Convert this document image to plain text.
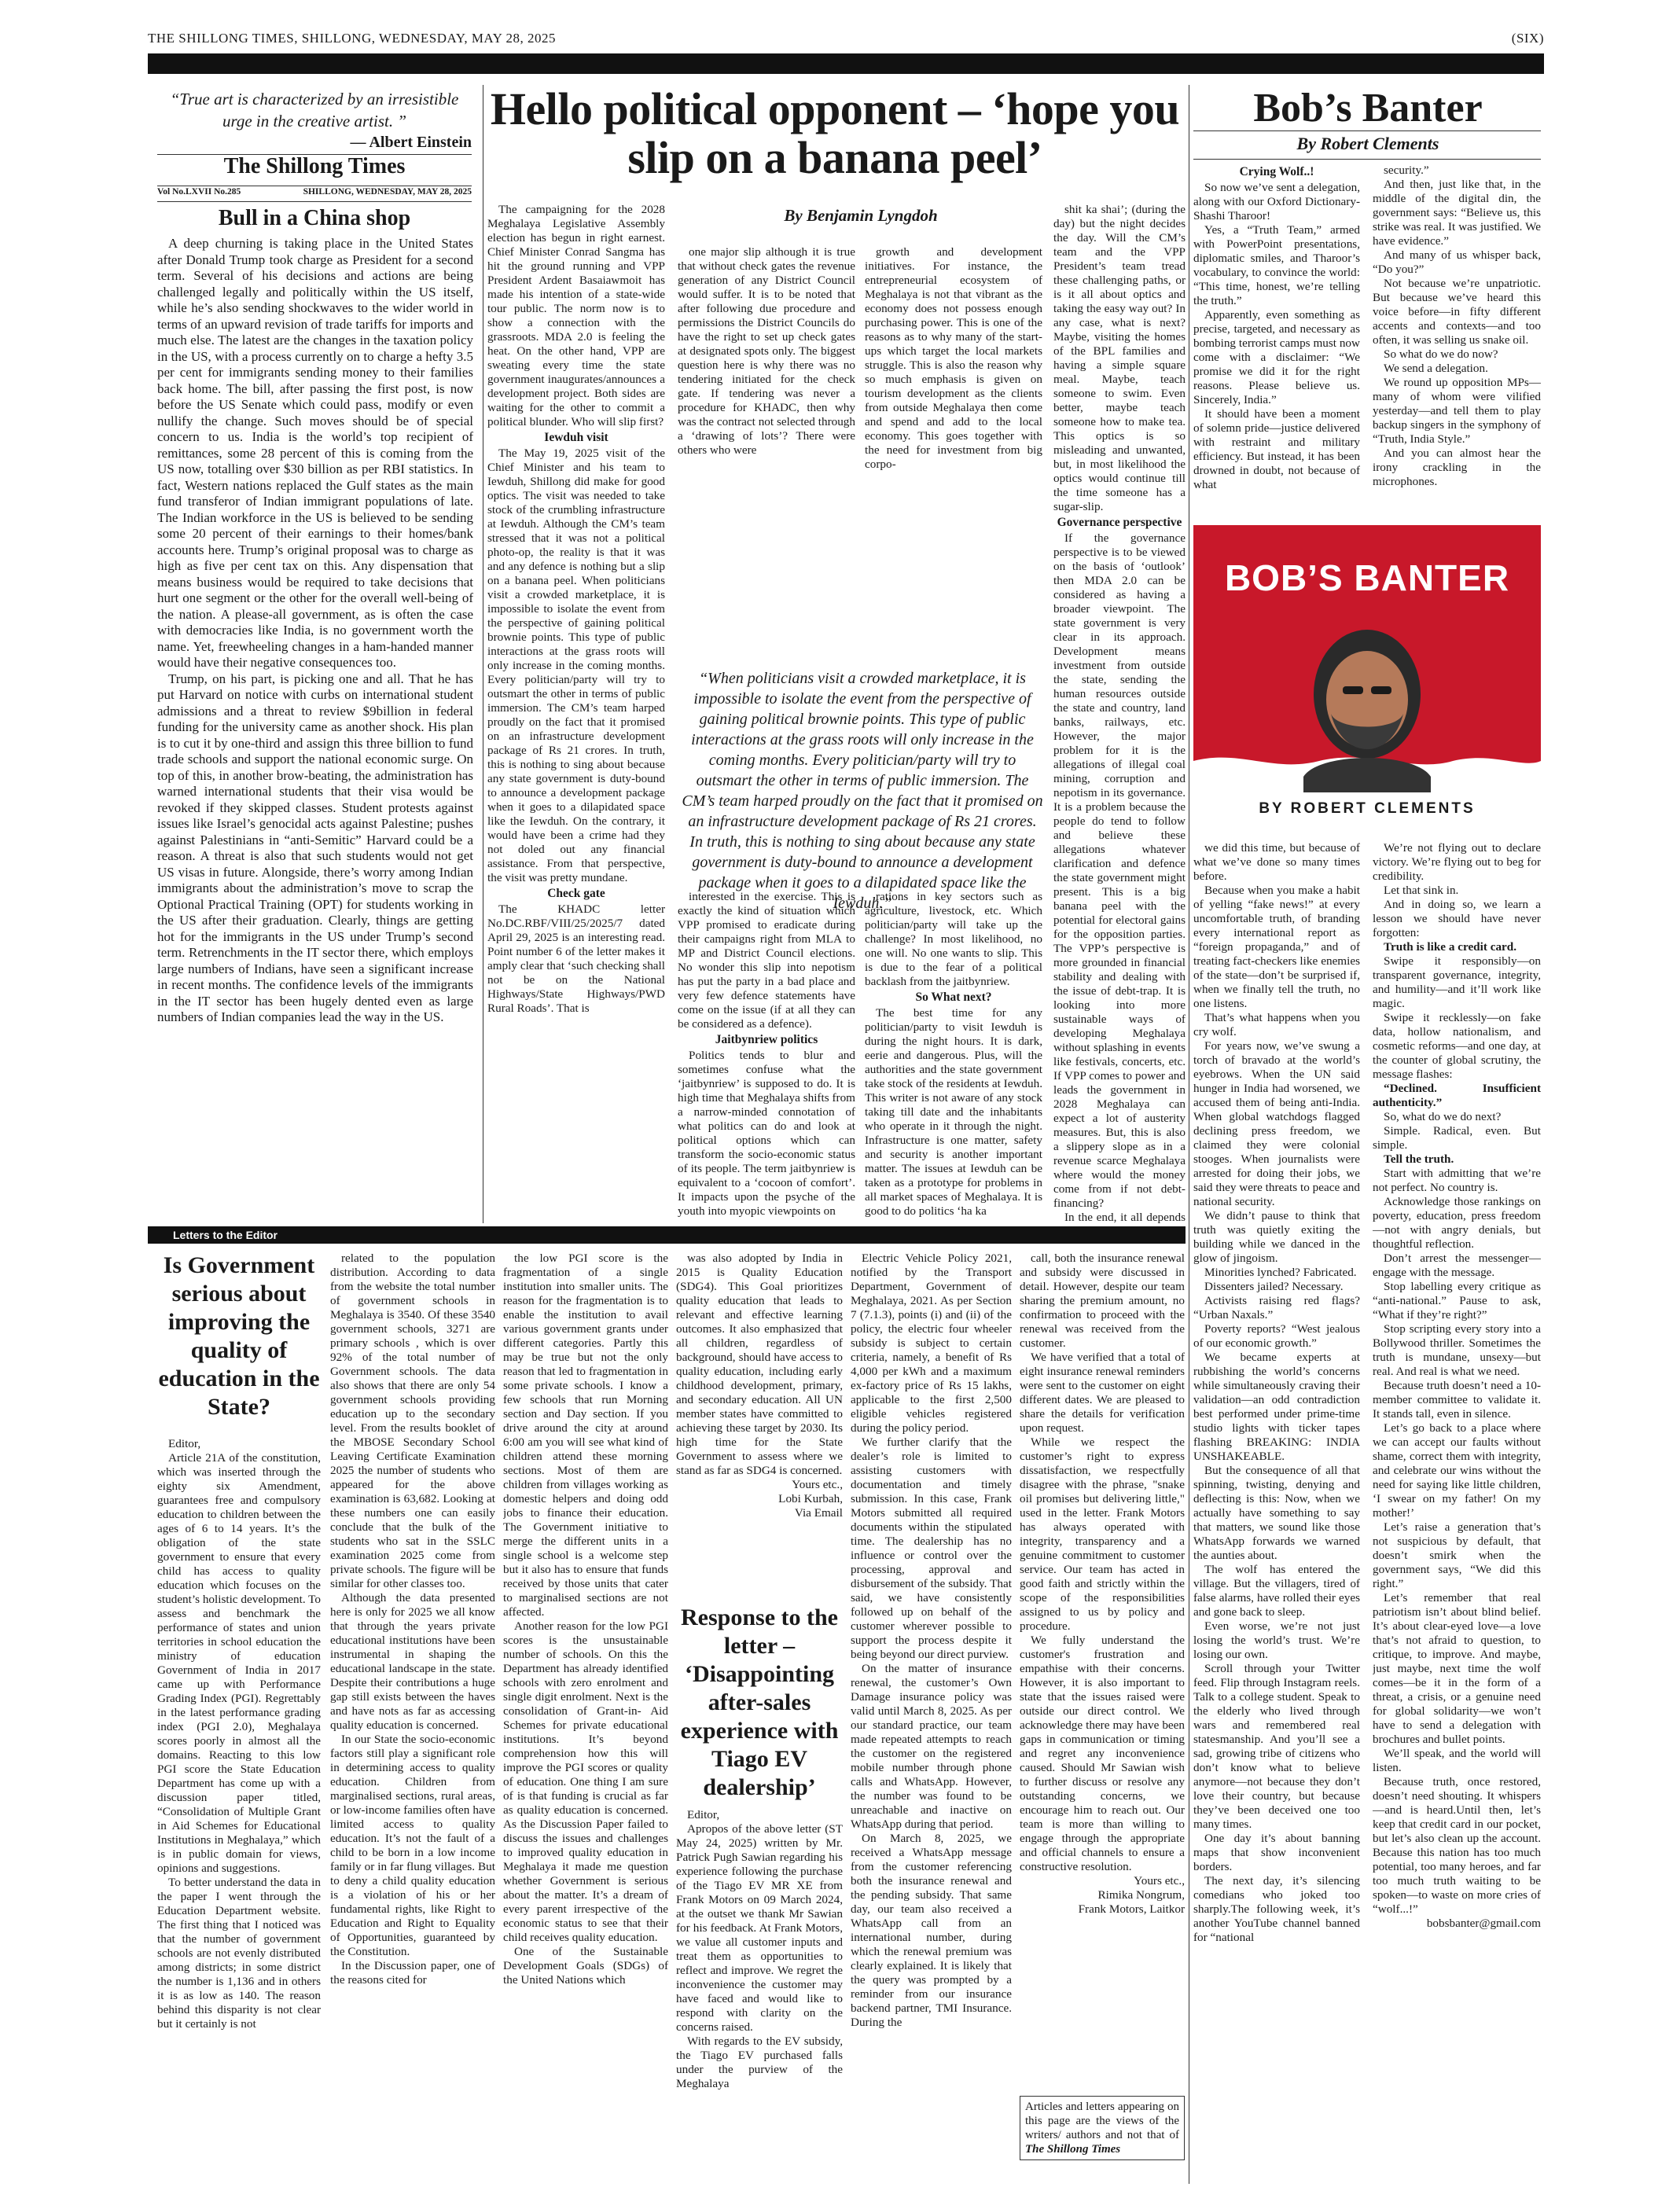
THE SHILLONG TIMES, SHILLONG, WEDNESDAY, MAY 28, 2025	(SIX)
“True art is characterized by an irresistible urge in the creative artist. ”
— Albert Einstein
The Shillong Times
Vol No.LXVII No.285	SHILLONG, WEDNESDAY, MAY 28, 2025
Bull in a China shop

A deep churning is taking place in the United States after Donald Trump took charge as President for a second term. Several of his decisions and actions are being challenged legally and politically within the US itself, while he’s also sending shockwaves to the wider world in terms of an upward revision of trade tariffs for imports and much else. The latest are the changes in the taxation policy in the US, with a process currently on to charge a hefty 3.5 per cent for immigrants sending money to their families back home. The bill, after passing the first post, is now before the US Senate which could pass, modify or even nullify the change. Such moves should be of special concern to us. India is the world’s top recipient of remittances, some 28 percent of this is coming from the US now, totalling over $30 billion as per RBI statistics. In fact, Western nations replaced the Gulf states as the main fund transferor of Indian immigrant populations of late. The Indian workforce in the US is believed to be sending some 20 percent of their earnings to their homes/bank accounts here. Trump’s original proposal was to charge as high as five per cent tax on this. Any dispensation that means business would be required to take decisions that hurt one segment or the other for the overall well-being of the nation. A please-all government, as is often the case with democracies like India, is no government worth the name. Yet, freewheeling changes in a ham-handed manner would have their negative consequences too.

Trump, on his part, is picking one and all. That he has put Harvard on notice with curbs on international student admissions and a threat to review $9billion in federal funding for the university came as another shock. His plan is to cut it by one-third and assign this three billion to fund trade schools and support the national economic surge. On top of this, in another brow-beating, the administration has warned international students that their visa would be revoked if they skipped classes. Student protests against issues like Israel’s genocidal acts against Palestine; pushes against Palestinians in “anti-Semitic” Harvard could be a reason. A threat is also that such students would not get US visas in future. Alongside, there’s worry among Indian immigrants about the administration’s move to scrap the Optional Practical Training (OPT) for students working in the US after their graduation. Clearly, things are getting hot for the immigrants in the US under Trump’s second term. Retrenchments in the IT sector there, which employs large numbers of Indians, have seen a significant increase in recent months. The confidence levels of the immigrants in the IT sector has been hugely dented even as large numbers of Indian companies lead the way in the US.

Hello political opponent – ‘hope you slip on a banana peel’
By Benjamin Lyngdoh

The campaigning for the 2028 Meghalaya Legislative Assembly election has begun in right earnest. Chief Minister Conrad Sangma has hit the ground running and VPP President Ardent Basaiawmoit has made his intention of a state-wide tour public. The norm now is to show a connection with the grassroots. MDA 2.0 is feeling the heat. On the other hand, VPP are sweating every time the state government inaugurates/announces a development project. Both sides are waiting for the other to commit a political blunder. Who will slip first?

Iewduh visit

The May 19, 2025 visit of the Chief Minister and his team to Iewduh, Shillong did make for good optics. The visit was needed to take stock of the crumbling infrastructure at Iewduh. Although the CM’s team stressed that it was not a political photo-op, the reality is that it was and any defence is nothing but a slip on a banana peel. When politicians visit a crowded marketplace, it is impossible to isolate the event from the perspective of gaining political brownie points. This type of public interactions at the grass roots will only increase in the coming months. Every politician/party will try to outsmart the other in terms of public immersion. The CM’s team harped proudly on the fact that it promised on an infrastructure development package of Rs 21 crores. In truth, this is nothing to sing about because any state government is duty-bound to announce a development package when it goes to a dilapidated space like the Iewduh. On the contrary, it would have been a crime had they not doled out any financial assistance. From that perspective, the visit was pretty mundane.

Check gate

The KHADC letter No.DC.RBF/VIII/25/2025/7 dated April 29, 2025 is an interesting read. Point number 6 of the letter makes it amply clear that ‘such checking shall not be on the National Highways/State Highways/PWD Rural Roads’. That is

one major slip although it is true that without check gates the revenue generation of any District Council would suffer. It is to be noted that after following due procedure and permissions the District Councils do have the right to set up check gates at designated spots only. The biggest question here is why there was no tendering initiated for the check gate. If tendering was never a procedure for KHADC, then why was the contract not selected through a ‘drawing of lots’? There were others who were

growth and development initiatives. For instance, the entrepreneurial ecosystem of Meghalaya is not that vibrant as the economy does not possess enough purchasing power. This is one of the reasons as to why many of the start-ups which target the local markets struggle. This is also the reason why so much emphasis is given on tourism development as the clients from outside Meghalaya then come and spend and add to the local economy. This goes together with the need for investment from big corpo-

shit ka shai’; (during the day) but the night decides the day. Will the CM’s team and the VPP President’s team tread these challenging paths, or is it all about optics and taking the easy way out? In any case, what is next? Maybe, visiting the homes of the BPL families and having a simple square meal. Maybe, teach someone to swim. Even better, maybe teach someone how to make tea. This optics is so misleading and unwanted, but, in most likelihood the optics would continue till the time someone has a sugar-slip.

Governance perspective

If the governance perspective is to be viewed on the basis of ‘outlook’ then MDA 2.0 can be considered as having a broader viewpoint. The state government is very clear in its approach. Development means investment from outside the state, sending the human resources outside the state and country, land banks, railways, etc. However, the major problem for it is the allegations of illegal coal mining, corruption and nepotism in its governance. It is a problem because the people do tend to follow and believe these allegations whatever clarification and defence the state government might present. This is a big banana peel with the potential for electoral gains for the opposition parties. The VPP’s perspective is more grounded in financial stability and dealing with the issue of debt-trap. It is looking into more sustainable ways of developing Meghalaya without splashing in events like festivals, concerts, etc. If VPP comes to power and leads the government in 2028 Meghalaya can expect a lot of austerity measures. But, this is also a slippery slope as in a revenue scarce Meghalaya where would the money come from if not debt-financing?

In the end, it all depends

“When politicians visit a crowded marketplace, it is impossible to isolate the event from the perspective of gaining political brownie points. This type of public interactions at the grass roots will only increase in the coming months. Every politician/party will try to outsmart the other in terms of public immersion. The CM’s team harped proudly on the fact that it promised on an infrastructure development package of Rs 21 crores. In truth, this is nothing to sing about because any state government is duty-bound to announce a development package when it goes to a dilapidated space like the Iewduh.”

interested in the exercise. This is exactly the kind of situation which VPP promised to eradicate during their campaigns right from MLA to MP and District Council elections. No wonder this slip into nepotism has put the party in a bad place and very few defence statements have come on the issue (if at all they can be considered as a defence).

Jaitbynriew politics

Politics tends to blur and sometimes confuse what the ‘jaitbynriew’ is supposed to do. It is high time that Meghalaya shifts from a narrow-minded connotation of what politics can do and look at political options which can transform the socio-economic status of its people. The term jaitbynriew is equivalent to a ‘cocoon of comfort’. It impacts upon the psyche of the youth into myopic viewpoints on

rations in key sectors such as agriculture, livestock, etc. Which politician/party will take up the challenge? In most likelihood, no one will. No one wants to slip. This is due to the fear of a political backlash from the jaitbynriew.

So What next?

The best time for any politician/party to visit Iewduh is during the night hours. It is dark, eerie and dangerous. Plus, will the authorities and the state government take stock of the residents at Iewduh. This writer is not aware of any stock taking till date and the inhabitants who operate in it through the night. Infrastructure is one matter, safety and security is another important matter. The issues at Iewduh can be taken as a prototype for problems in all market spaces of Meghalaya. It is good to do politics ‘ha ka

Bob’s Banter
By Robert Clements
Crying Wolf..!

So now we’ve sent a delegation, along with our Oxford Dictionary-Shashi Tharoor!

Yes, a “Truth Team,” armed with PowerPoint presentations, diplomatic smiles, and Tharoor’s vocabulary, to convince the world: “This time, honest, we’re telling the truth.”

Apparently, even something as precise, targeted, and necessary as bombing terrorist camps must now come with a disclaimer: “We promise we did it for the right reasons. Please believe us. Sincerely, India.”

It should have been a moment of solemn pride—justice delivered with restraint and military efficiency. But instead, it has been drowned in doubt, not because of what

security.”

And then, just like that, in the middle of the digital din, the government says: “Believe us, this strike was real. It was justified. We have evidence.”

And many of us whisper back, “Do you?”

Not because we’re unpatriotic. But because we’ve heard this voice before—in fifty different accents and contexts—and too often, it was selling us snake oil.

So what do we do now?

We send a delegation.

We round up opposition MPs—many of whom were vilified yesterday—and tell them to play backup singers in the symphony of “Truth, India Style.”

And you can almost hear the irony crackling in the microphones.

BOB’S BANTER
BY ROBERT CLEMENTS

we did this time, but because of what we’ve done so many times before.

Because when you make a habit of yelling “fake news!” at every uncomfortable truth, of branding every international report as “foreign propaganda,” and of treating fact-checkers like enemies of the state—don’t be surprised if, when we finally tell the truth, no one listens.

That’s what happens when you cry wolf.

For years now, we’ve swung a torch of bravado at the world’s eyebrows. When the UN said hunger in India had worsened, we accused them of being anti-India. When global watchdogs flagged declining press freedom, we claimed they were colonial stooges. When journalists were arrested for doing their jobs, we said they were threats to peace and national security.

We didn’t pause to think that truth was quietly exiting the building while we danced in the glow of jingoism.

Minorities lynched? Fabricated.

Dissenters jailed? Necessary.

Activists raising red flags? “Urban Naxals.”

Poverty reports? “West jealous of our economic growth.”

We became experts at rubbishing the world’s concerns while simultaneously craving their validation—an odd contradiction best performed under prime-time studio lights with ticker tapes flashing BREAKING: INDIA UNSHAKEABLE.

But the consequence of all that spinning, twisting, denying and deflecting is this: Now, when we actually have something to say that matters, we sound like those WhatsApp forwards we warned the aunties about.

The wolf has entered the village. But the villagers, tired of false alarms, have rolled their eyes and gone back to sleep.

Even worse, we’re not just losing the world’s trust. We’re losing our own.

Scroll through your Twitter feed. Flip through Instagram reels. Talk to a college student. Speak to the elderly who lived through wars and remembered real statesmanship. And you’ll see a sad, growing tribe of citizens who don’t know what to believe anymore—not because they don’t love their country, but because they’ve been deceived one too many times.

One day it’s about banning maps that show inconvenient borders.

The next day, it’s silencing comedians who joked too sharply.The following week, it’s another YouTube channel banned for “national

We’re not flying out to declare victory. We’re flying out to beg for credibility.

Let that sink in.

And in doing so, we learn a lesson we should have never forgotten:

Truth is like a credit card.

Swipe it responsibly—on transparent governance, integrity, and humility—and it’ll work like magic.

Swipe it recklessly—on fake data, hollow nationalism, and cosmetic reforms—and one day, at the counter of global scrutiny, the message flashes:

“Declined. Insufficient authenticity.”

So, what do we do next?

Simple. Radical, even. But simple.

Tell the truth.

Start with admitting that we’re not perfect. No country is.

Acknowledge those rankings on poverty, education, press freedom—not with angry denials, but thoughtful reflection.

Don’t arrest the messenger—engage with the message.

Stop labelling every critique as “anti-national.” Pause to ask, “What if they’re right?”

Stop scripting every story into a Bollywood thriller. Sometimes the truth is mundane, unsexy—but real. And real is what we need.

Because truth doesn’t need a 10-member committee to validate it. It stands tall, even in silence.

Let’s go back to a place where we can accept our faults without shame, correct them with integrity, and celebrate our wins without the need for saying like little children, ‘I swear on my father! On my mother!’

Let’s raise a generation that’s not suspicious by default, that doesn’t smirk when the government says, “We did this right.”

Let’s remember that real patriotism isn’t about blind belief. It’s about clear-eyed love—a love that’s not afraid to question, to critique, to improve. And maybe, just maybe, next time the wolf comes—be it in the form of a threat, a crisis, or a genuine need for global solidarity—we won’t have to send a delegation with brochures and bullet points.

We’ll speak, and the world will listen.

Because truth, once restored, doesn’t need shouting. It whispers—and is heard.Until then, let’s keep that credit card in our pocket, but let’s also clean up the account. Because this nation has too much potential, too many heroes, and far too much truth waiting to be spoken—to waste on more cries of “wolf...!”

bobsbanter@gmail.com

Letters to the Editor
Is Government serious about improving the quality of education in the State?

Editor,

Article 21A of the constitution, which was inserted through the eighty six Amendment, guarantees free and compulsory education to children between the ages of 6 to 14 years. It’s the obligation of the state government to ensure that every child has access to quality education which focuses on the student’s holistic development. To assess and benchmark the performance of states and union territories in school education the ministry of education Government of India in 2017 came up with Performance Grading Index (PGI). Regrettably in the latest performance grading index (PGI 2.0), Meghalaya scores poorly in almost all the domains. Reacting to this low PGI score the State Education Department has come up with a discussion paper titled, “Consolidation of Multiple Grant in Aid Schemes for Educational Institutions in Meghalaya,” which is in public domain for views, opinions and suggestions.

To better understand the data in the paper I went through the Education Department website. The first thing that I noticed was that the number of government schools are not evenly distributed among districts; in some district the number is 1,136 and in others it is as low as 140. The reason behind this disparity is not clear but it certainly is not

related to the population distribution. According to data from the website the total number of government schools in Meghalaya is 3540. Of these 3540 government schools, 3271 are primary schools , which is over 92% of the total number of Government schools. The data also shows that there are only 54 government schools providing education up to the secondary level. From the results booklet of the MBOSE Secondary School Leaving Certificate Examination 2025 the number of students who appeared for the above examination is 63,682. Looking at these numbers one can easily conclude that the bulk of the students who sat in the SSLC examination 2025 come from private schools. The figure will be similar for other classes too.

Although the data presented here is only for 2025 we all know that through the years private educational institutions have been instrumental in shaping the educational landscape in the state. Despite their contributions a huge gap still exists between the haves and have nots as far as accessing quality education is concerned.

In our State the socio-economic factors still play a significant role in determining access to quality education. Children from marginalised sections, rural areas, or low-income families often have limited access to quality education. It’s not the fault of a child to be born in a low income family or in far flung villages. But to deny a child quality education is a violation of his or her fundamental rights, like Right to Education and Right to Equality of Opportunities, guaranteed by the Constitution.

In the Discussion paper, one of the reasons cited for

the low PGI score is the fragmentation of a single institution into smaller units. The reason for the fragmentation is to enable the institution to avail various government grants under different categories. Partly this may be true but not the only reason that led to fragmentation in some private schools. I know a few schools that run Morning section and Day section. If you drive around the city at around 6:00 am you will see what kind of children attend these morning sections. Most of them are children from villages working as domestic helpers and doing odd jobs to finance their education. The Government initiative to merge the different units in a single school is a welcome step but it also has to ensure that funds received by those units that cater to marginalised sections are not affected.

Another reason for the low PGI scores is the unsustainable number of schools. On this the Department has already identified schools with zero enrolment and single digit enrolment. Next is the consolidation of Grant-in- Aid Schemes for private educational institutions. It’s beyond comprehension how this will improve the PGI scores or quality of education. One thing I am sure of is that funding is crucial as far as quality education is concerned. As the Discussion Paper failed to discuss the issues and challenges to improved quality education in Meghalaya it made me question whether Government is serious about the matter. It’s a dream of every parent irrespective of the economic status to see that their child receives quality education.

One of the Sustainable Development Goals (SDGs) of the United Nations which

was also adopted by India in 2015 is Quality Education (SDG4). This Goal prioritizes quality education that leads to relevant and effective learning outcomes. It also emphasized that all children, regardless of background, should have access to quality education, including early childhood development, primary, and secondary education. All UN member states have committed to achieving these target by 2030. Its high time for the State Government to assess where we stand as far as SDG4 is concerned.

Yours etc.,
Lobi Kurbah,
Via Email
Response to the letter – ‘Disappointing after-sales experience with Tiago EV dealership’

Editor,

Apropos of the above letter (ST May 24, 2025) written by Mr. Patrick Pugh Sawian regarding his experience following the purchase of the Tiago EV MR XE from Frank Motors on 09 March 2024, at the outset we thank Mr Sawian for his feedback. At Frank Motors, we value all customer inputs and treat them as opportunities to reflect and improve. We regret the inconvenience the customer may have faced and would like to respond with clarity on the concerns raised.

With regards to the EV subsidy, the Tiago EV purchased falls under the purview of the Meghalaya

Electric Vehicle Policy 2021, notified by the Transport Department, Government of Meghalaya, 2021. As per Section 7 (7.1.3), points (i) and (ii) of the policy, the electric four wheeler subsidy is subject to certain criteria, namely, a benefit of Rs 4,000 per kWh and a maximum ex-factory price of Rs 15 lakhs, applicable to the first 2,500 eligible vehicles registered during the policy period.

We further clarify that the dealer’s role is limited to assisting customers with documentation and timely submission. In this case, Frank Motors submitted all required documents within the stipulated time. The dealership has no influence or control over the processing, approval and disbursement of the subsidy. That said, we have consistently followed up on behalf of the customer wherever possible to support the process despite it being beyond our direct purview.

On the matter of insurance renewal, the customer’s Own Damage insurance policy was valid until March 8, 2025. As per our standard practice, our team made repeated attempts to reach the customer on the registered mobile number through phone calls and WhatsApp. However, the number was found to be unreachable and inactive on WhatsApp during that period.

On March 8, 2025, we received a WhatsApp message from the customer referencing both the insurance renewal and the pending subsidy. That same day, our team also received a WhatsApp call from an international number, during which the renewal premium was clearly explained. It is likely that the query was prompted by a reminder from our insurance backend partner, TMI Insurance. During the

call, both the insurance renewal and subsidy were discussed in detail. However, despite our team sharing the premium amount, no confirmation to proceed with the renewal was received from the customer.

We have verified that a total of eight insurance renewal reminders were sent to the customer on eight different dates. We are pleased to share the details for verification upon request.

While we respect the customer’s right to express dissatisfaction, we respectfully disagree with the phrase, "snake oil promises but delivering little," used in the letter. Frank Motors has always operated with integrity, transparency and a genuine commitment to customer service. Our team has acted in good faith and strictly within the scope of the responsibilities assigned to us by policy and procedure.

We fully understand the customer's frustration and empathise with their concerns. However, it is also important to state that the issues raised were outside our direct control. We acknowledge there may have been gaps in communication or timing and regret any inconvenience caused. Should Mr Sawian wish to further discuss or resolve any outstanding concerns, we encourage him to reach out. Our team is more than willing to engage through the appropriate and official channels to ensure a constructive resolution.

Yours etc.,
Rimika Nongrum,
Frank Motors, Laitkor
Articles and letters appearing on this page are the views of the writers/ authors and not that of The Shillong Times
